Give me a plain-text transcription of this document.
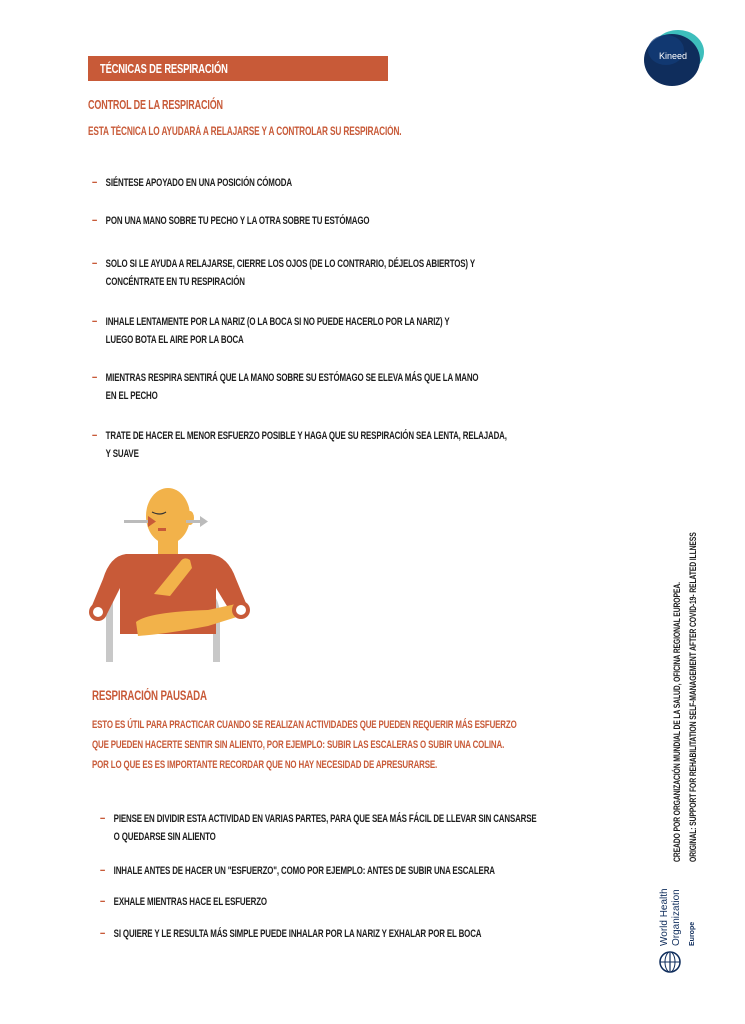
Kineed
TÉCNICAS DE RESPIRACIÓN
CONTROL DE LA RESPIRACIÓN
ESTA TÉCNICA LO AYUDARÁ A RELAJARSE Y A CONTROLAR SU RESPIRACIÓN.
– SIÉNTESE APOYADO EN UNA POSICIÓN CÓMODA
– PON UNA MANO SOBRE TU PECHO Y LA OTRA SOBRE TU ESTÓMAGO
– SOLO SI LE AYUDA A RELAJARSE, CIERRE LOS OJOS (DE LO CONTRARIO, DÉJELOS ABIERTOS) Y
CONCÉNTRATE EN TU RESPIRACIÓN
– INHALE LENTAMENTE POR LA NARIZ (O LA BOCA SI NO PUEDE HACERLO POR LA NARIZ) Y
LUEGO BOTA EL AIRE POR LA BOCA
– MIENTRAS RESPIRA SENTIRÁ QUE LA MANO SOBRE SU ESTÓMAGO SE ELEVA MÁS QUE LA MANO
EN EL PECHO
– TRATE DE HACER EL MENOR ESFUERZO POSIBLE Y HAGA QUE SU RESPIRACIÓN SEA LENTA, RELAJADA,
Y SUAVE
RESPIRACIÓN PAUSADA
ESTO ES ÚTIL PARA PRACTICAR CUANDO SE REALIZAN ACTIVIDADES QUE PUEDEN REQUERIR MÁS ESFUERZO
QUE PUEDEN HACERTE SENTIR SIN ALIENTO, POR EJEMPLO: SUBIR LAS ESCALERAS O SUBIR UNA COLINA.
POR LO QUE ES ES IMPORTANTE RECORDAR QUE NO HAY NECESIDAD DE APRESURARSE.
– PIENSE EN DIVIDIR ESTA ACTIVIDAD EN VARIAS PARTES, PARA QUE SEA MÁS FÁCIL DE LLEVAR SIN CANSARSE
O QUEDARSE SIN ALIENTO
– INHALE ANTES DE HACER UN "ESFUERZO", COMO POR EJEMPLO: ANTES DE SUBIR UNA ESCALERA
– EXHALE MIENTRAS HACE EL ESFUERZO
– SI QUIERE Y LE RESULTA MÁS SIMPLE PUEDE INHALAR POR LA NARIZ Y EXHALAR POR EL BOCA
CREADO POR ORGANIZACIÓN MUNDIAL DE LA SALUD, OFICINA REGIONAL EUROPEA. ORIGINAL: SUPPORT FOR REHABILITATION SELF-MANAGEMENT AFTER COVID-19- RELATED ILLNESS
World Health Organization	Europe
